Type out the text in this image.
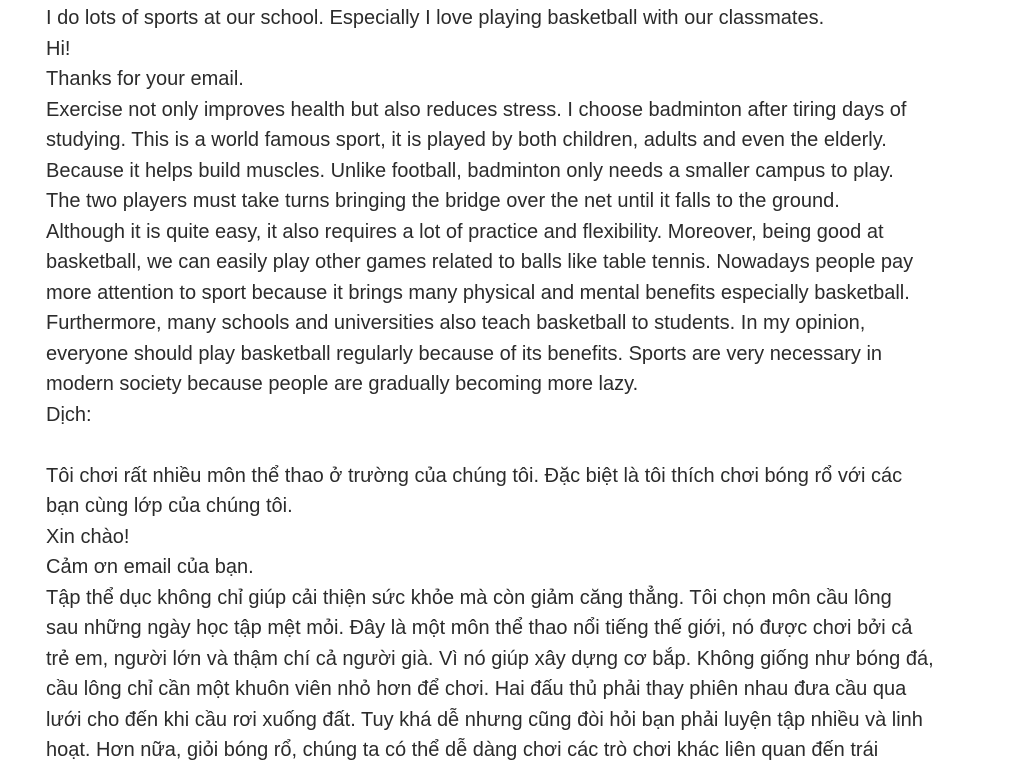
I do lots of sports at our school. Especially I love playing basketball with our classmates.
Hi!
Thanks for your email.
Exercise not only improves health but also reduces stress. I choose badminton after tiring days of
studying. This is a world famous sport, it is played by both children, adults and even the elderly.
Because it helps build muscles. Unlike football, badminton only needs a smaller campus to play.
The two players must take turns bringing the bridge over the net until it falls to the ground.
Although it is quite easy, it also requires a lot of practice and flexibility. Moreover, being good at
basketball, we can easily play other games related to balls like table tennis. Nowadays people pay
more attention to sport because it brings many physical and mental benefits especially basketball.
Furthermore, many schools and universities also teach basketball to students. In my opinion,
everyone should play basketball regularly because of its benefits. Sports are very necessary in
modern society because people are gradually becoming more lazy.
Dịch:
Tôi chơi rất nhiều môn thể thao ở trường của chúng tôi. Đặc biệt là tôi thích chơi bóng rổ với các
bạn cùng lớp của chúng tôi.
Xin chào!
Cảm ơn email của bạn.
Tập thể dục không chỉ giúp cải thiện sức khỏe mà còn giảm căng thẳng. Tôi chọn môn cầu lông
sau những ngày học tập mệt mỏi. Đây là một môn thể thao nổi tiếng thế giới, nó được chơi bởi cả
trẻ em, người lớn và thậm chí cả người già. Vì nó giúp xây dựng cơ bắp. Không giống như bóng đá,
cầu lông chỉ cần một khuôn viên nhỏ hơn để chơi. Hai đấu thủ phải thay phiên nhau đưa cầu qua
lưới cho đến khi cầu rơi xuống đất. Tuy khá dễ nhưng cũng đòi hỏi bạn phải luyện tập nhiều và linh
hoạt. Hơn nữa, giỏi bóng rổ, chúng ta có thể dễ dàng chơi các trò chơi khác liên quan đến trái
